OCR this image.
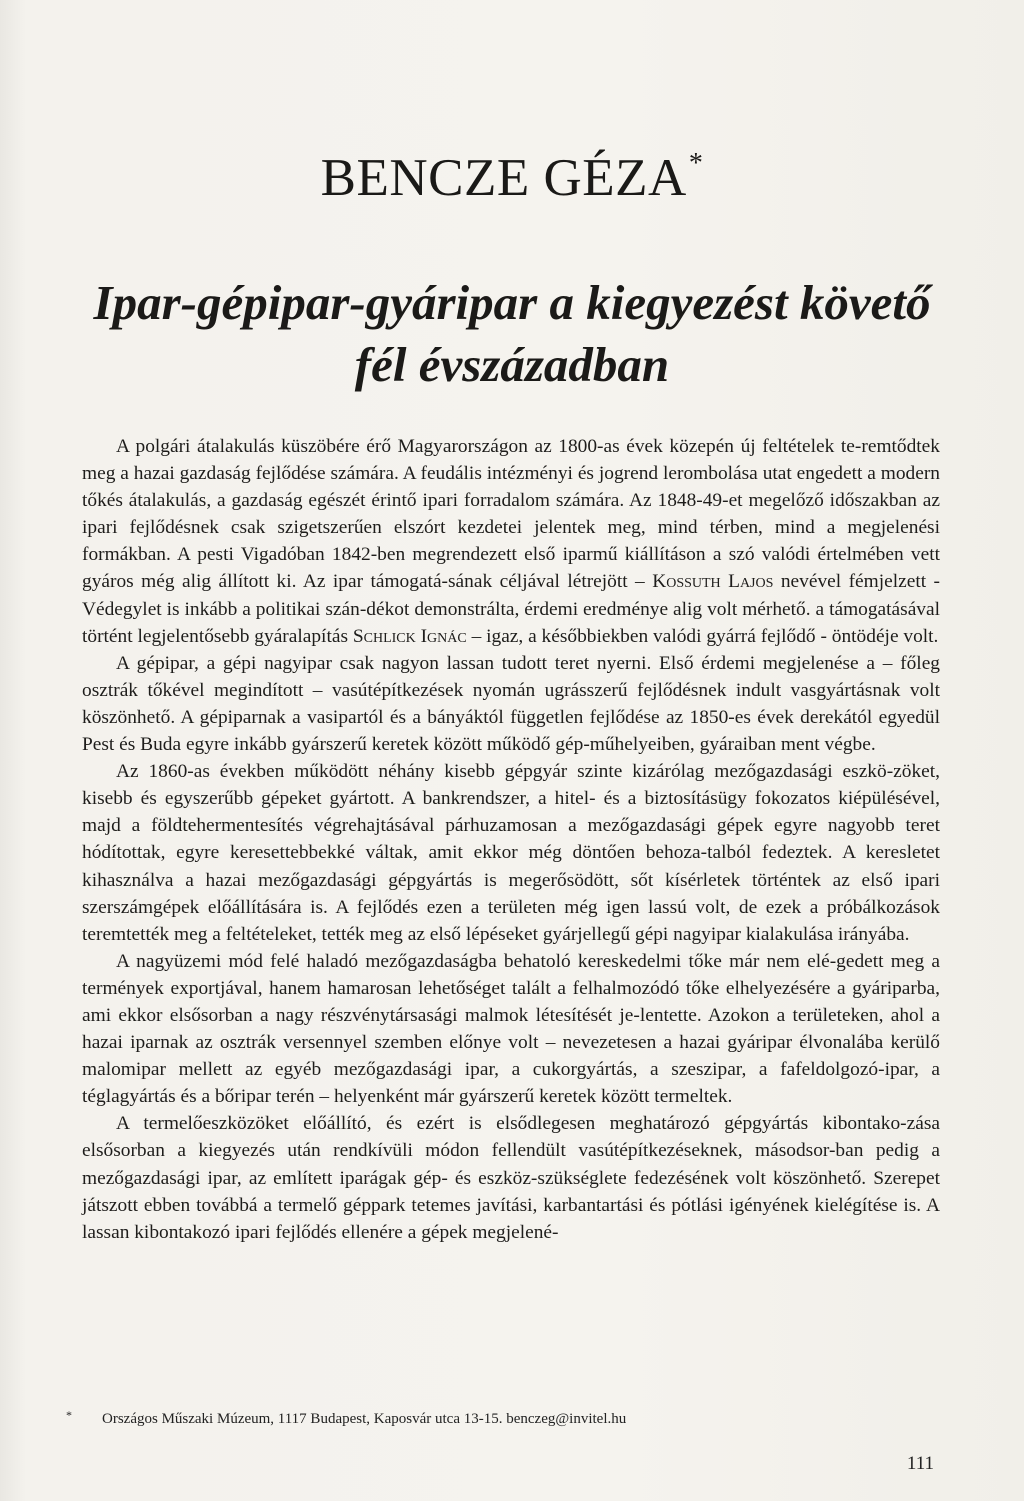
BENCZE GÉZA*
Ipar-gépipar-gyáripar a kiegyezést követő
fél évszázadban

A polgári átalakulás küszöbére érő Magyarországon az 1800-as évek közepén új feltételek te-remtődtek meg a hazai gazdaság fejlődése számára. A feudális intézményi és jogrend lerombolása utat engedett a modern tőkés átalakulás, a gazdaság egészét érintő ipari forradalom számára. Az 1848-49-et megelőző időszakban az ipari fejlődésnek csak szigetszerűen elszórt kezdetei jelentek meg, mind térben, mind a megjelenési formákban. A pesti Vigadóban 1842-ben megrendezett első iparmű kiállításon a szó valódi értelmében vett gyáros még alig állított ki. Az ipar támogatá-sának céljával létrejött – Kossuth Lajos nevével fémjelzett - Védegylet is inkább a politikai szán-dékot demonstrálta, érdemi eredménye alig volt mérhető. a támogatásával történt legjelentősebb gyáralapítás Schlick Ignác – igaz, a későbbiekben valódi gyárrá fejlődő - öntödéje volt.

A gépipar, a gépi nagyipar csak nagyon lassan tudott teret nyerni. Első érdemi megjelenése a – főleg osztrák tőkével megindított – vasútépítkezések nyomán ugrásszerű fejlődésnek indult vasgyártásnak volt köszönhető. A gépiparnak a vasipartól és a bányáktól független fejlődése az 1850-es évek derekától egyedül Pest és Buda egyre inkább gyárszerű keretek között működő gép-műhelyeiben, gyáraiban ment végbe.

Az 1860-as években működött néhány kisebb gépgyár szinte kizárólag mezőgazdasági eszkö-zöket, kisebb és egyszerűbb gépeket gyártott. A bankrendszer, a hitel- és a biztosításügy fokozatos kiépülésével, majd a földtehermentesítés végrehajtásával párhuzamosan a mezőgazdasági gépek egyre nagyobb teret hódítottak, egyre keresettebbekké váltak, amit ekkor még döntően behoza-talból fedeztek. A keresletet kihasználva a hazai mezőgazdasági gépgyártás is megerősödött, sőt kísérletek történtek az első ipari szerszámgépek előállítására is. A fejlődés ezen a területen még igen lassú volt, de ezek a próbálkozások teremtették meg a feltételeket, tették meg az első lépéseket gyárjellegű gépi nagyipar kialakulása irányába.

A nagyüzemi mód felé haladó mezőgazdaságba behatoló kereskedelmi tőke már nem elé-gedett meg a termények exportjával, hanem hamarosan lehetőséget talált a felhalmozódó tőke elhelyezésére a gyáriparba, ami ekkor elsősorban a nagy részvénytársasági malmok létesítését je-lentette. Azokon a területeken, ahol a hazai iparnak az osztrák versennyel szemben előnye volt – nevezetesen a hazai gyáripar élvonalába kerülő malomipar mellett az egyéb mezőgazdasági ipar, a cukorgyártás, a szeszipar, a fafeldolgozó-ipar, a téglagyártás és a bőripar terén – helyenként már gyárszerű keretek között termeltek.

A termelőeszközöket előállító, és ezért is elsődlegesen meghatározó gépgyártás kibontako-zása elsősorban a kiegyezés után rendkívüli módon fellendült vasútépítkezéseknek, másodsor-ban pedig a mezőgazdasági ipar, az említett iparágak gép- és eszköz-szükséglete fedezésének volt köszönhető. Szerepet játszott ebben továbbá a termelő géppark tetemes javítási, karbantartási és pótlási igényének kielégítése is. A lassan kibontakozó ipari fejlődés ellenére a gépek megjelené-

* Országos Műszaki Múzeum, 1117 Budapest, Kaposvár utca 13-15. benczeg@invitel.hu
111
